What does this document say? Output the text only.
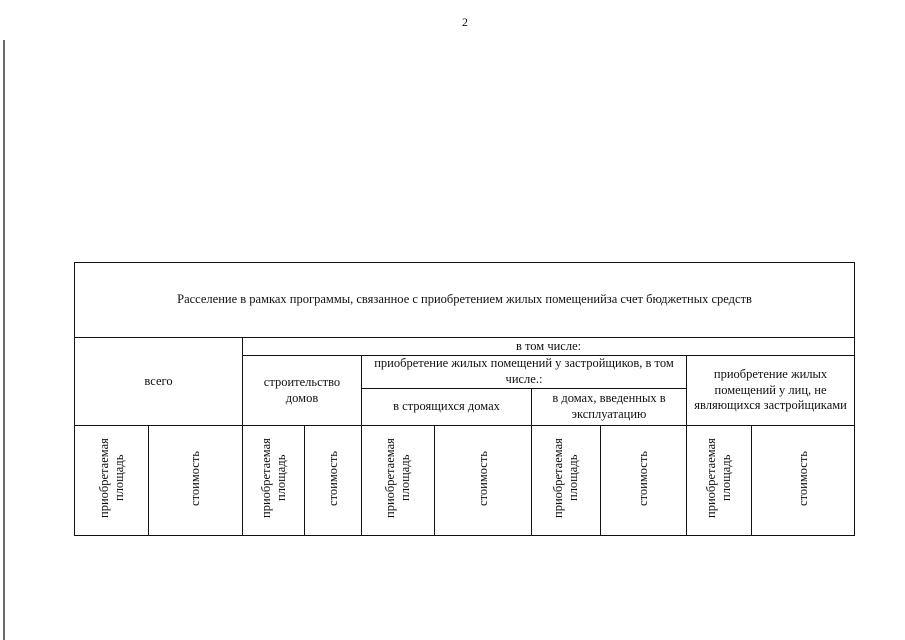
2
Расселение в рамках программы, связанное с приобретением жилых помещенийза счет бюджетных средств									
всего		в том числе:							
		строительство домов		приобретение жилых помещений у застройщиков, в том числе.:				приобретение жилых помещений у лиц, не являющихся застройщиками	
				в строящихся домах		в домах, введенных в эксплуатацию			
приобретаемая площадь	стоимость	приобретаемая площадь	стоимость	приобретаемая площадь	стоимость	приобретаемая площадь	стоимость	приобретаемая площадь	стоимость
